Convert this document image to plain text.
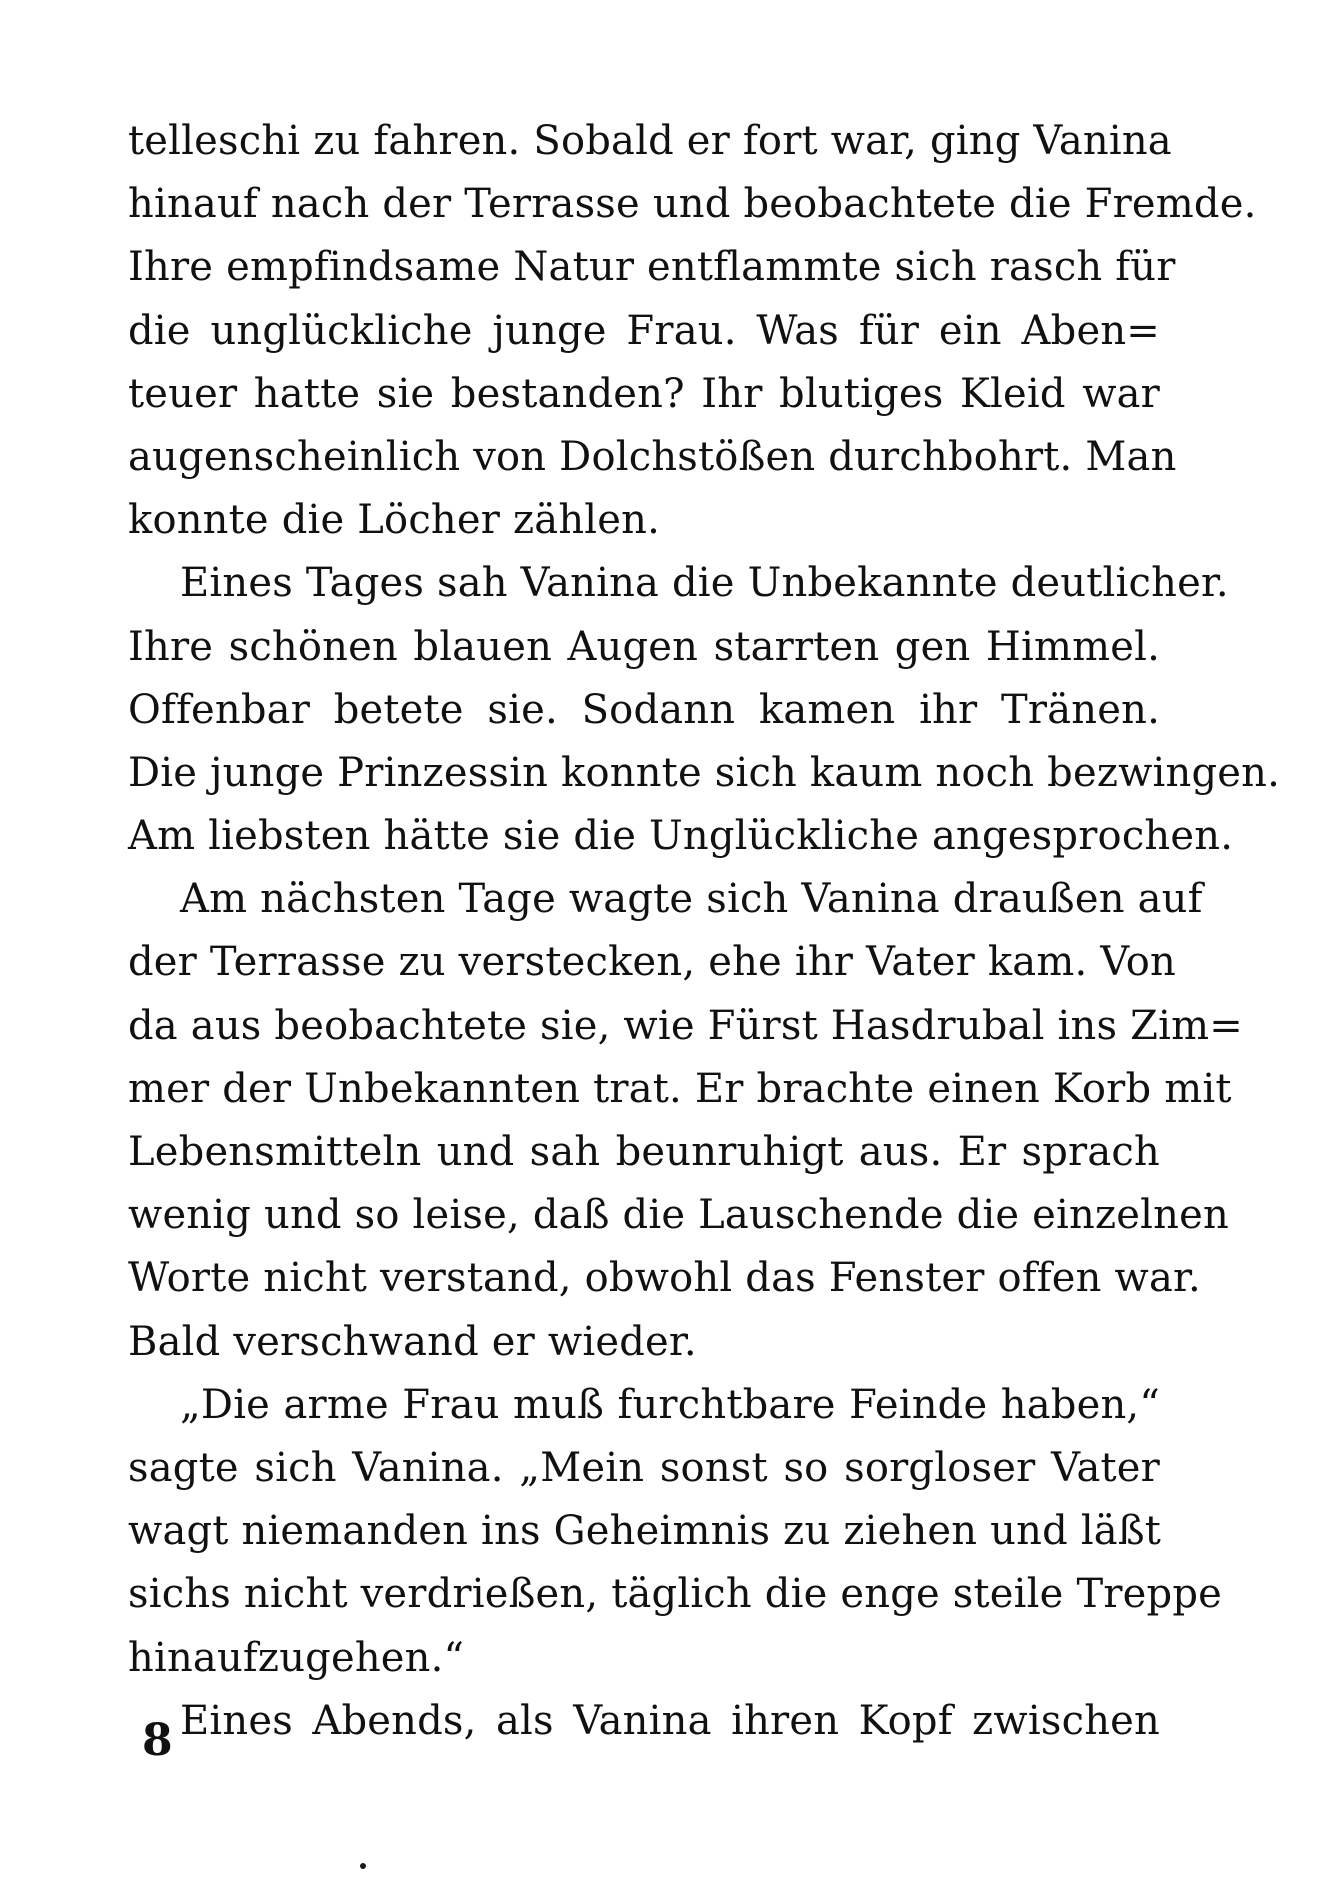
telleschi zu fahren. Sobald er fort war, ging Vanina
hinauf nach der Terrasse und beobachtete die Fremde.
Ihre empfindsame Natur entflammte sich rasch für
die unglückliche junge Frau. Was für ein Aben=
teuer hatte sie bestanden? Ihr blutiges Kleid war
augenscheinlich von Dolchstößen durchbohrt. Man
konnte die Löcher zählen.
Eines Tages sah Vanina die Unbekannte deutlicher.
Ihre schönen blauen Augen starrten gen Himmel.
Offenbar betete sie. Sodann kamen ihr Tränen.
Die junge Prinzessin konnte sich kaum noch bezwingen.
Am liebsten hätte sie die Unglückliche angesprochen.
Am nächsten Tage wagte sich Vanina draußen auf
der Terrasse zu verstecken, ehe ihr Vater kam. Von
da aus beobachtete sie, wie Fürst Hasdrubal ins Zim=
mer der Unbekannten trat. Er brachte einen Korb mit
Lebensmitteln und sah beunruhigt aus. Er sprach
wenig und so leise, daß die Lauschende die einzelnen
Worte nicht verstand, obwohl das Fenster offen war.
Bald verschwand er wieder.
„Die arme Frau muß furchtbare Feinde haben,“
sagte sich Vanina. „Mein sonst so sorgloser Vater
wagt niemanden ins Geheimnis zu ziehen und läßt
sichs nicht verdrießen, täglich die enge steile Treppe
hinaufzugehen.“
Eines Abends, als Vanina ihren Kopf zwischen
8
